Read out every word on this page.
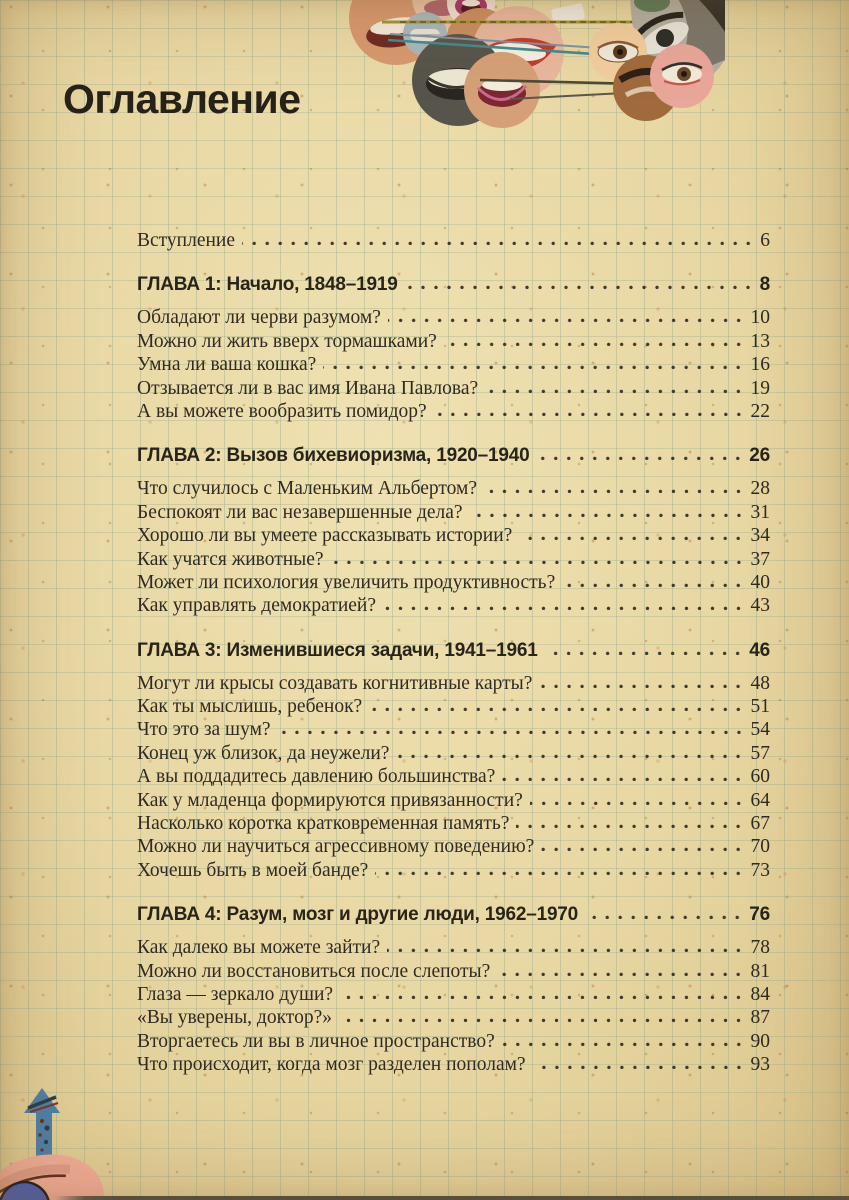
Оглавление
Вступление	6
ГЛАВА 1: Начало, 1848–1919	8
Обладают ли черви разумом?	10
Можно ли жить вверх тормашками?	13
Умна ли ваша кошка?	16
Отзывается ли в вас имя Ивана Павлова?	19
А вы можете вообразить помидор?	22
ГЛАВА 2: Вызов бихевиоризма, 1920–1940	26
Что случилось с Маленьким Альбертом?	28
Беспокоят ли вас незавершенные дела?	31
Хорошо ли вы умеете рассказывать истории?	34
Как учатся животные?	37
Может ли психология увеличить продуктивность?	40
Как управлять демократией?	43
ГЛАВА 3: Изменившиеся задачи, 1941–1961	46
Могут ли крысы создавать когнитивные карты?	48
Как ты мыслишь, ребенок?	51
Что это за шум?	54
Конец уж близок, да неужели?	57
А вы поддадитесь давлению большинства?	60
Как у младенца формируются привязанности?	64
Насколько коротка кратковременная память?	67
Можно ли научиться агрессивному поведению?	70
Хочешь быть в моей банде?	73
ГЛАВА 4: Разум, мозг и другие люди, 1962–1970	76
Как далеко вы можете зайти?	78
Можно ли восстановиться после слепоты?	81
Глаза — зеркало души?	84
«Вы уверены, доктор?»	87
Вторгаетесь ли вы в личное пространство?	90
Что происходит, когда мозг разделен пополам?	93
